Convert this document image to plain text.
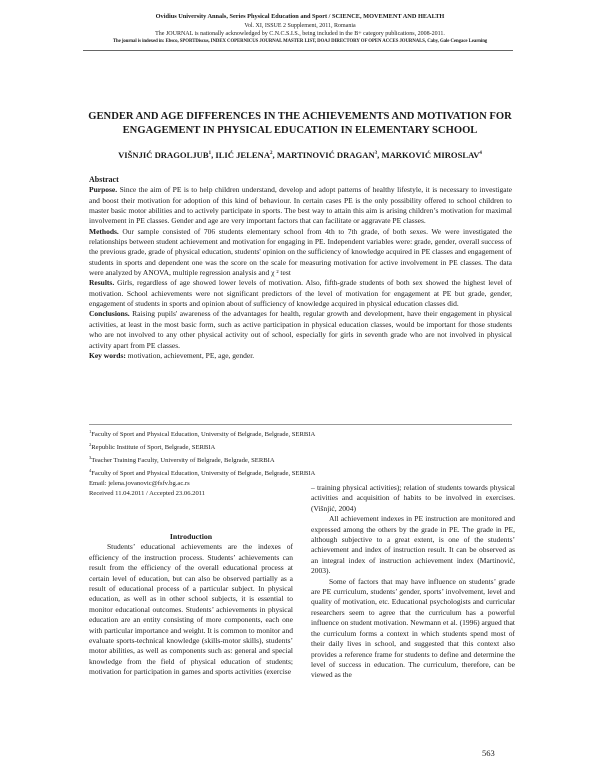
Ovidius University Annals, Series Physical Education and Sport / SCIENCE, MOVEMENT AND HEALTH
Vol. XI, ISSUE 2 Supplement, 2011, Romania
The JOURNAL is nationally acknowledged by C.N.C.S.I.S., being included in the B+ category publications, 2008-2011.
The journal is indexed in: Ebsco, SPORTDiscus, INDEX COPERNICUS JOURNAL MASTER LIST, DOAJ DIRECTORY OF OPEN ACCES JOURNALS, Caby, Gale Cengace Learning
GENDER AND AGE DIFFERENCES IN THE ACHIEVEMENTS AND MOTIVATION FOR ENGAGEMENT IN PHYSICAL EDUCATION IN ELEMENTARY SCHOOL
VIŠNJIĆ DRAGOLJUB$^1$, ILIĆ JELENA$^2$, MARTINOVIĆ DRAGAN$^3$, MARKOVIĆ MIROSLAV$^4$

Abstract

Purpose. Since the aim of PE is to help children understand, develop and adopt patterns of healthy lifestyle, it is necessary to investigate and boost their motivation for adoption of this kind of behaviour. In certain cases PE is the only possibility offered to school children to master basic motor abilities and to actively participate in sports. The best way to attain this aim is arising children’s motivation for maximal involvement in PE classes. Gender and age are very important factors that can facilitate or aggravate PE classes.

Methods. Our sample consisted of 706 students elementary school from 4th to 7th grade, of both sexes. We were investigated the relationships between student achievement and motivation for engaging in PE. Independent variables were: grade, gender, overall success of the previous grade, grade of physical education, students' opinion on the sufficiency of knowledge acquired in PE classes and engagement of students in sports and dependent one was the score on the scale for measuring motivation for active involvement in PE classes. The data were analyzed by ANOVA, multiple regression analysis and χ ² test

Results. Girls, regardless of age showed lower levels of motivation. Also, fifth-grade students of both sex showed the highest level of motivation. School achievements were not significant predictors of the level of motivation for engagement at PE but grade, gender, engagement of students in sports and opinion about of sufficiency of knowledge acquired in physical education classes did.

Conclusions. Raising pupils' awareness of the advantages for health, regular growth and development, have their engagement in physical activities, at least in the most basic form, such as active participation in physical education classes, would be important for those students who are not involved to any other physical activity out of school, especially for girls in seventh grade who are not involved in physical activity apart from PE classes.

Key words: motivation, achievement, PE, age, gender.

$^1$Faculty of Sport and Physical Education, University of Belgrade, Belgrade, SERBIA
$^2$Republic Institute of Sport, Belgrade, SERBIA
$^3$Teacher Training Faculty, University of Belgrade, Belgrade, SERBIA
$^4$Faculty of Sport and Physical Education, University of Belgrade, Belgrade, SERBIA
Email: jelena.jovanovic@fsfv.bg.ac.rs
Received 11.04.2011 / Accepted 23.06.2011

Introduction

Students’ educational achievements are the indexes of efficiency of the instruction process. Students’ achievements can result from the efficiency of the overall educational process at certain level of education, but can also be observed partially as a result of educational process of a particular subject. In physical education, as well as in other school subjects, it is essential to monitor educational outcomes. Students’ achievements in physical education are an entity consisting of more components, each one with particular importance and weight. It is common to monitor and evaluate sports-technical knowledge (skills-motor skills), students’ motor abilities, as well as components such as: general and special knowledge from the field of physical education of students; motivation for participation in games and sports activities (exercise

– training physical activities); relation of students towards physical activities and acquisition of habits to be involved in exercises. (Višnjić, 2004)

All achievement indexes in PE instruction are monitored and expressed among the others by the grade in PE. The grade in PE, although subjective to a great extent, is one of the students’ achievement and index of instruction result. It can be observed as an integral index of instruction achievement index (Martinović, 2003).

Some of factors that may have influence on students’ grade are PE curriculum, students’ gender, sports’ involvement, level and quality of motivation, etc. Educational psychologists and curricular researchers seem to agree that the curriculum has a powerful influence on student motivation. Newmann et al. (1996) argued that the curriculum forms a context in which students spend most of their daily lives in school, and suggested that this context also provides a reference frame for students to define and determine the level of success in education. The curriculum, therefore, can be viewed as the

563
